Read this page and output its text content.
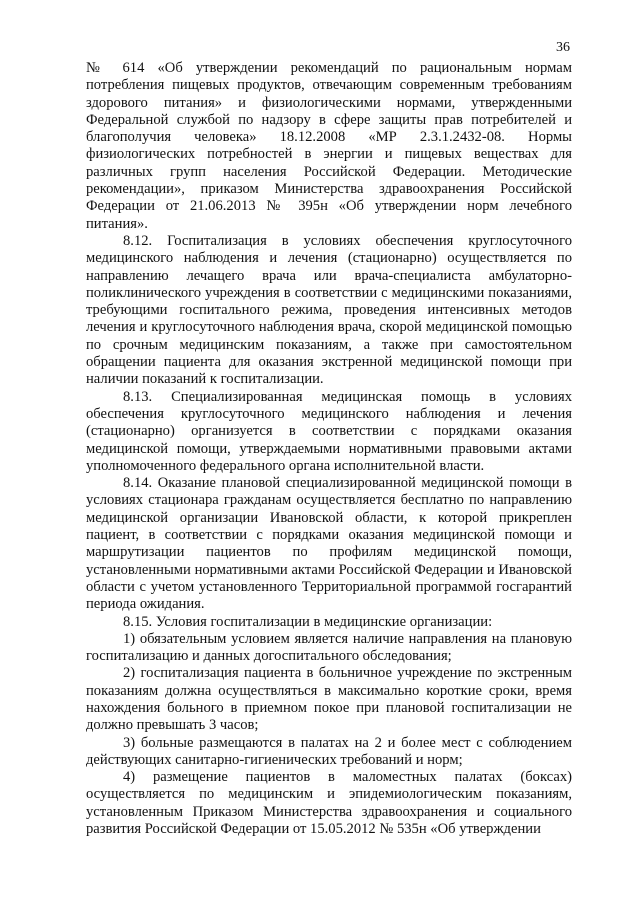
36

№ 614 «Об утверждении рекомендаций по рациональным нормам потребления пищевых продуктов, отвечающим современным требованиям здорового питания» и физиологическими нормами, утвержденными Федеральной службой по надзору в сфере защиты прав потребителей и благополучия человека» 18.12.2008 «МР 2.3.1.2432-08. Нормы физиологических потребностей в энергии и пищевых веществах для различных групп населения Российской Федерации. Методические рекомендации», приказом Министерства здравоохранения Российской Федерации от 21.06.2013 № 395н «Об утверждении норм лечебного питания».

8.12. Госпитализация в условиях обеспечения круглосуточного медицинского наблюдения и лечения (стационарно) осуществляется по направлению лечащего врача или врача-специалиста амбулаторно-поликлинического учреждения в соответствии с медицинскими показаниями, требующими госпитального режима, проведения интенсивных методов лечения и круглосуточного наблюдения врача, скорой медицинской помощью по срочным медицинским показаниям, а также при самостоятельном обращении пациента для оказания экстренной медицинской помощи при наличии показаний к госпитализации.

8.13. Специализированная медицинская помощь в условиях обеспечения круглосуточного медицинского наблюдения и лечения (стационарно) организуется в соответствии с порядками оказания медицинской помощи, утверждаемыми нормативными правовыми актами уполномоченного федерального органа исполнительной власти.

8.14. Оказание плановой специализированной медицинской помощи в условиях стационара гражданам осуществляется бесплатно по направлению медицинской организации Ивановской области, к которой прикреплен пациент, в соответствии с порядками оказания медицинской помощи и маршрутизации пациентов по профилям медицинской помощи, установленными нормативными актами Российской Федерации и Ивановской области с учетом установленного Территориальной программой госгарантий периода ожидания.

8.15. Условия госпитализации в медицинские организации:

1) обязательным условием является наличие направления на плановую госпитализацию и данных догоспитального обследования;

2) госпитализация пациента в больничное учреждение по экстренным показаниям должна осуществляться в максимально короткие сроки, время нахождения больного в приемном покое при плановой госпитализации не должно превышать 3 часов;

3) больные размещаются в палатах на 2 и более мест с соблюдением действующих санитарно-гигиенических требований и норм;

4) размещение пациентов в маломестных палатах (боксах) осуществляется по медицинским и эпидемиологическим показаниям, установленным Приказом Министерства здравоохранения и социального развития Российской Федерации от 15.05.2012 № 535н «Об утверждении
